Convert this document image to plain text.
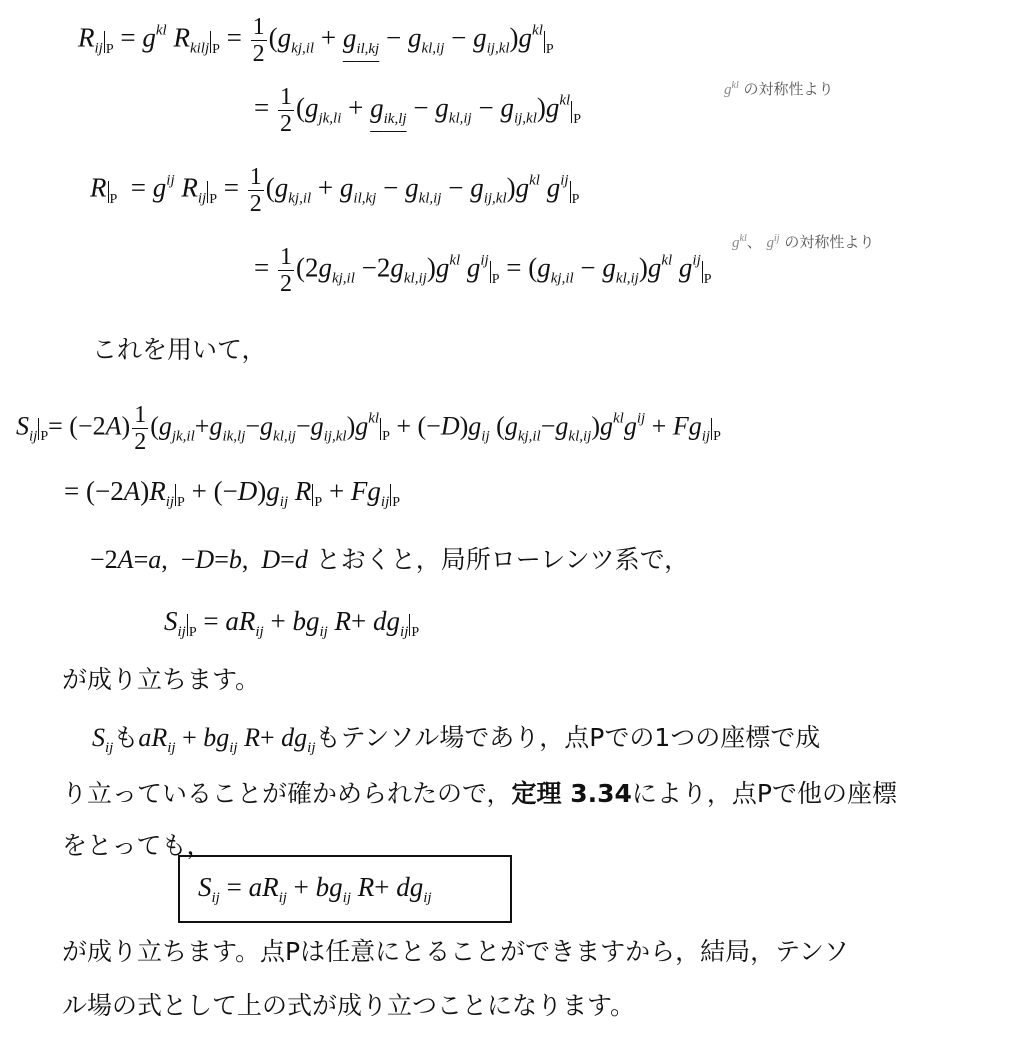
$R_{ij}$ $_P = g^{kl}$ $R_{kilj}$ $_P = \frac{1}{2} (g_{kj,il} + g_{il,kj} - g_{kl,ij} - g_{ij,kl})g^{kl}_P$
= $\frac{1}{2} (g_{jk,li} + g_{ik,lj} - g_{kl,ij} - g_{ij,kl})g^{kl}_P$
$g^{kl}$ の対称性より
R $_P = g^{ij}$ $R_{ij}$ $_P = \frac{1}{2} (g_{kj,il} + g_{il,kj} - g_{kl,ij} - g_{ij,kl})g^{kl}$ $g^{ij}_P$
$g^{kl}$、 $g^{ij}$ の対称性より
= $\frac{1}{2} (2g_{kj,il} -2g_{kl,ij})g^{kl}$ $g^{ij}_P = (g_{kj,il} - g_{kl,ij})g^{kl}$ $g^{ij}_P$
これを用いて，
$S_{ij}$ $_P= (-2A) \frac{1}{2} (g_{jk,il}+g_{ik,lj}-g_{kl,ij}-g_{ij,kl})g^{kl}_P + (-D)g_{ij}$ $(g_{kj,il}-g_{kl,ij})g^{kl}g^{ij} + Fg_{ij}$ $_P$
= $(-2A)R_{ij}$ $_P + (-D)g_{ij}$ R $_P + Fg_{ij}$ $_P$
−2A=a,  −D=b,  D=d とおくと，局所ローレンツ系で，
$S_{ij}$ $_P = aR_{ij} + bg_{ij}$ $R+ dg_{ij}$ $_P$
が成り立ちます。
$S_{ij}$も$aR_{ij} + bg_{ij}$ $R+ dg_{ij}$もテンソル場であり，点Pでの1つの座標で成
り立っていることが確かめられたので，定理 3.34により，点Pで他の座標
をとっても，
$S_{ij} = aR_{ij} + bg_{ij}$ $R+ dg_{ij}$
が成り立ちます。点Pは任意にとることができますから，結局，テンソ
ル場の式として上の式が成り立つことになります。
